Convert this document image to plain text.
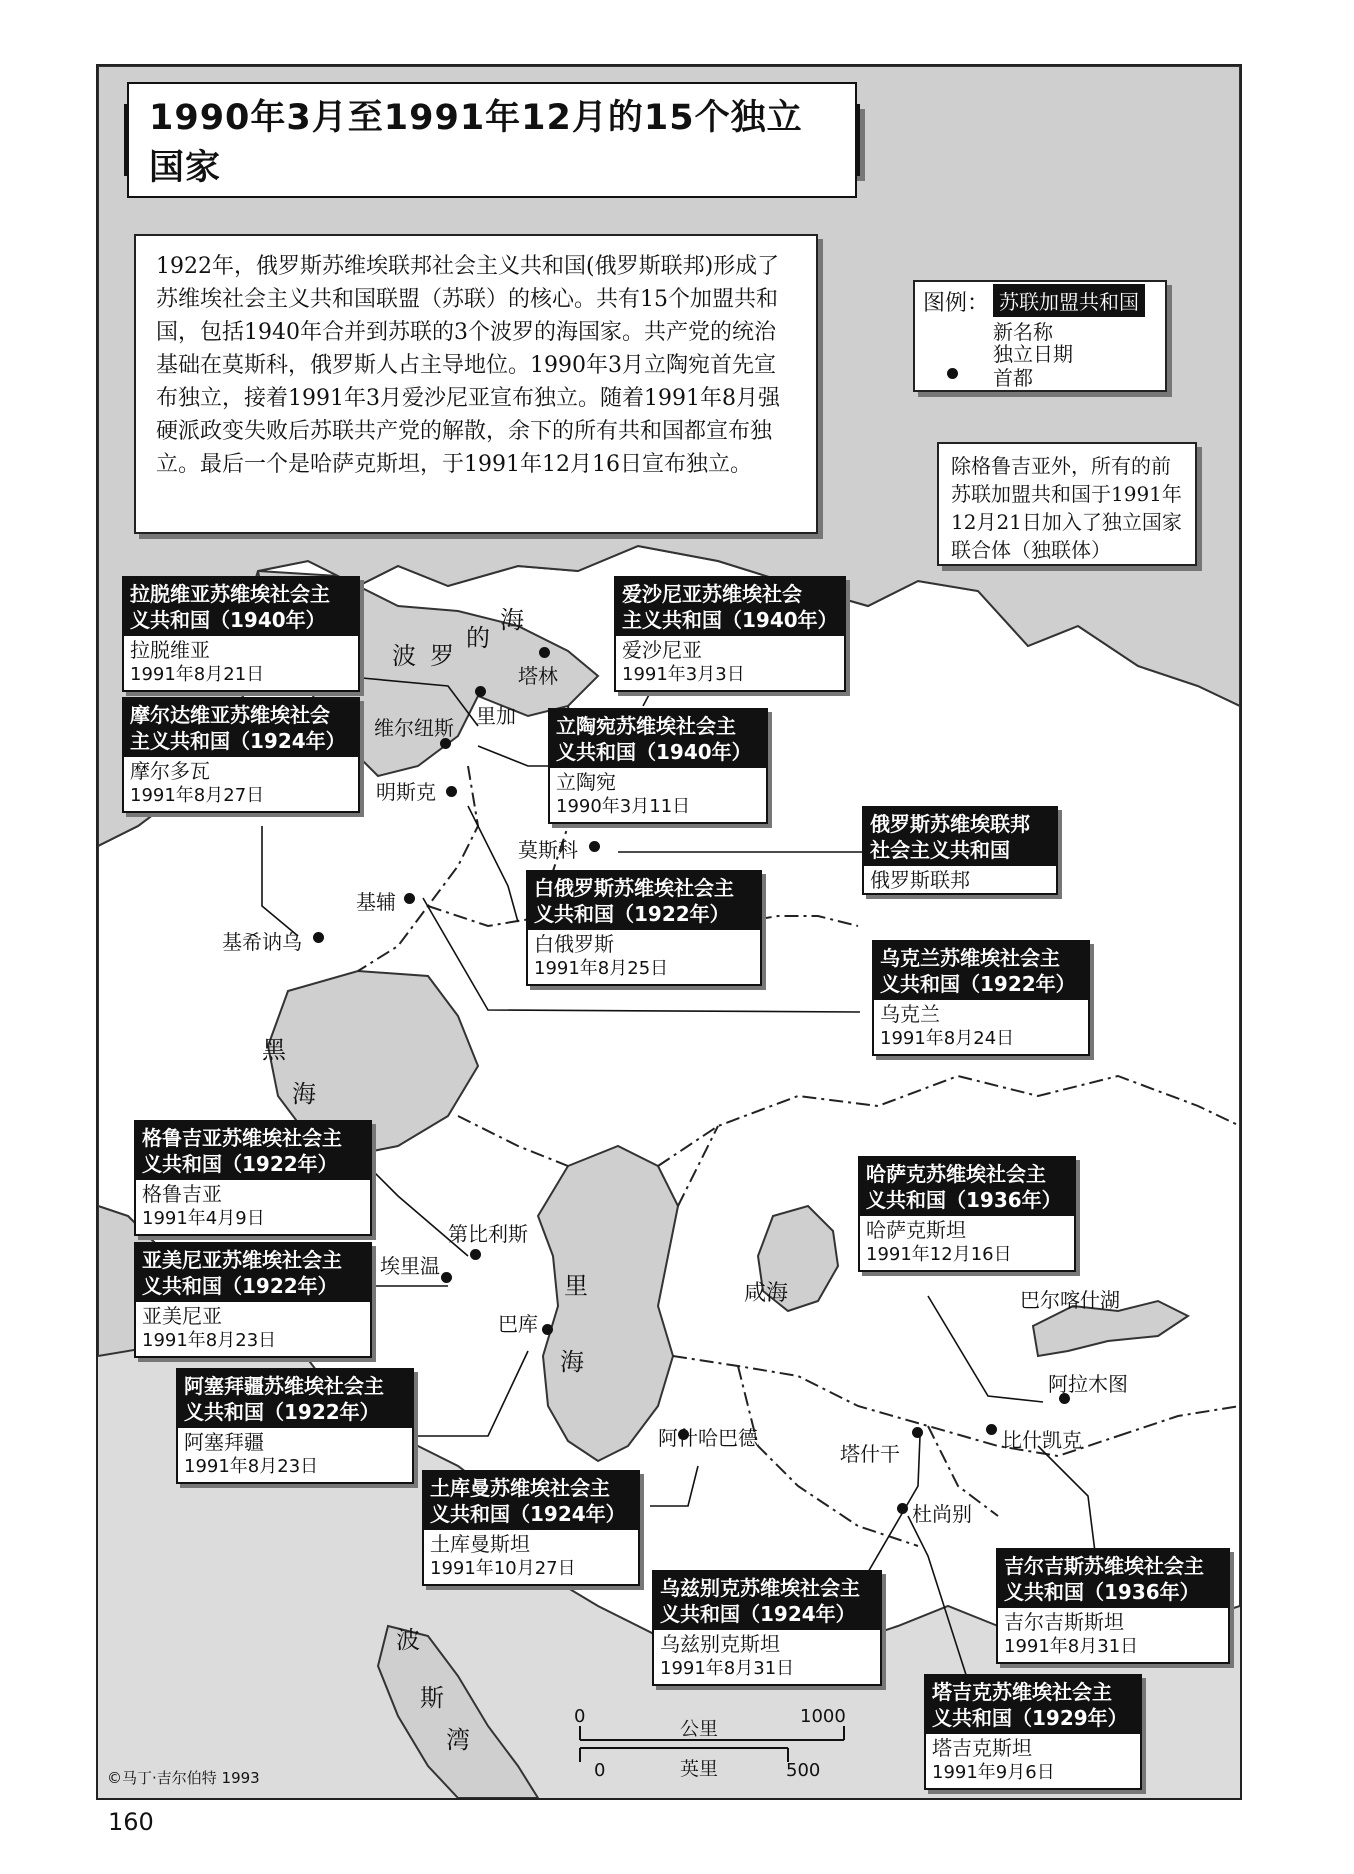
1990年3月至1991年12月的15个独立国家
1922年，俄罗斯苏维埃联邦社会主义共和国(俄罗斯联邦)形成了苏维埃社会主义共和国联盟（苏联）的核心。共有15个加盟共和国，包括1940年合并到苏联的3个波罗的海国家。共产党的统治基础在莫斯科，俄罗斯人占主导地位。1990年3月立陶宛首先宣布独立，接着1991年3月爱沙尼亚宣布独立。随着1991年8月强硬派政变失败后苏联共产党的解散，余下的所有共和国都宣布独立。最后一个是哈萨克斯坦，于1991年12月16日宣布独立。
图例： 苏联加盟共和国
新名称
独立日期
首都
除格鲁吉亚外，所有的前苏联加盟共和国于1991年12月21日加入了独立国家联合体（独联体）
拉脱维亚苏维埃社会主
义共和国（1940年）
拉脱维亚
1991年8月21日
爱沙尼亚苏维埃社会
主义共和国（1940年）
爱沙尼亚
1991年3月3日
摩尔达维亚苏维埃社会
主义共和国（1924年）
摩尔多瓦
1991年8月27日
立陶宛苏维埃社会主
义共和国（1940年）
立陶宛
1990年3月11日
俄罗斯苏维埃联邦
社会主义共和国
俄罗斯联邦
白俄罗斯苏维埃社会主
义共和国（1922年）
白俄罗斯
1991年8月25日	乌克兰苏维埃社会主
义共和国（1922年）
乌克兰
1991年8月24日
格鲁吉亚苏维埃社会主
义共和国（1922年）
格鲁吉亚
1991年4月9日
亚美尼亚苏维埃社会主
义共和国（1922年）
亚美尼亚
1991年8月23日
阿塞拜疆苏维埃社会主
义共和国（1922年）
阿塞拜疆
1991年8月23日
哈萨克苏维埃社会主
义共和国（1936年）
哈萨克斯坦
1991年12月16日
土库曼苏维埃社会主
义共和国（1924年）
土库曼斯坦
1991年10月27日
乌兹别克苏维埃社会主
义共和国（1924年）
乌兹别克斯坦
1991年8月31日
吉尔吉斯苏维埃社会主
义共和国（1936年）
吉尔吉斯斯坦
1991年8月31日
塔吉克苏维埃社会主
义共和国（1929年）
塔吉克斯坦
1991年9月6日
塔林
里加
维尔纽斯
明斯克
莫斯科
基辅
基希讷乌
第比利斯
埃里温
巴库
阿什哈巴德
塔什干
杜尚别
比什凯克
阿拉木图
波 罗
的
海
黑
海
里
海
咸海	巴尔喀什湖
波
斯
湾
0
公里
1000
0	英里	500
©马丁·吉尔伯特 1993
160
